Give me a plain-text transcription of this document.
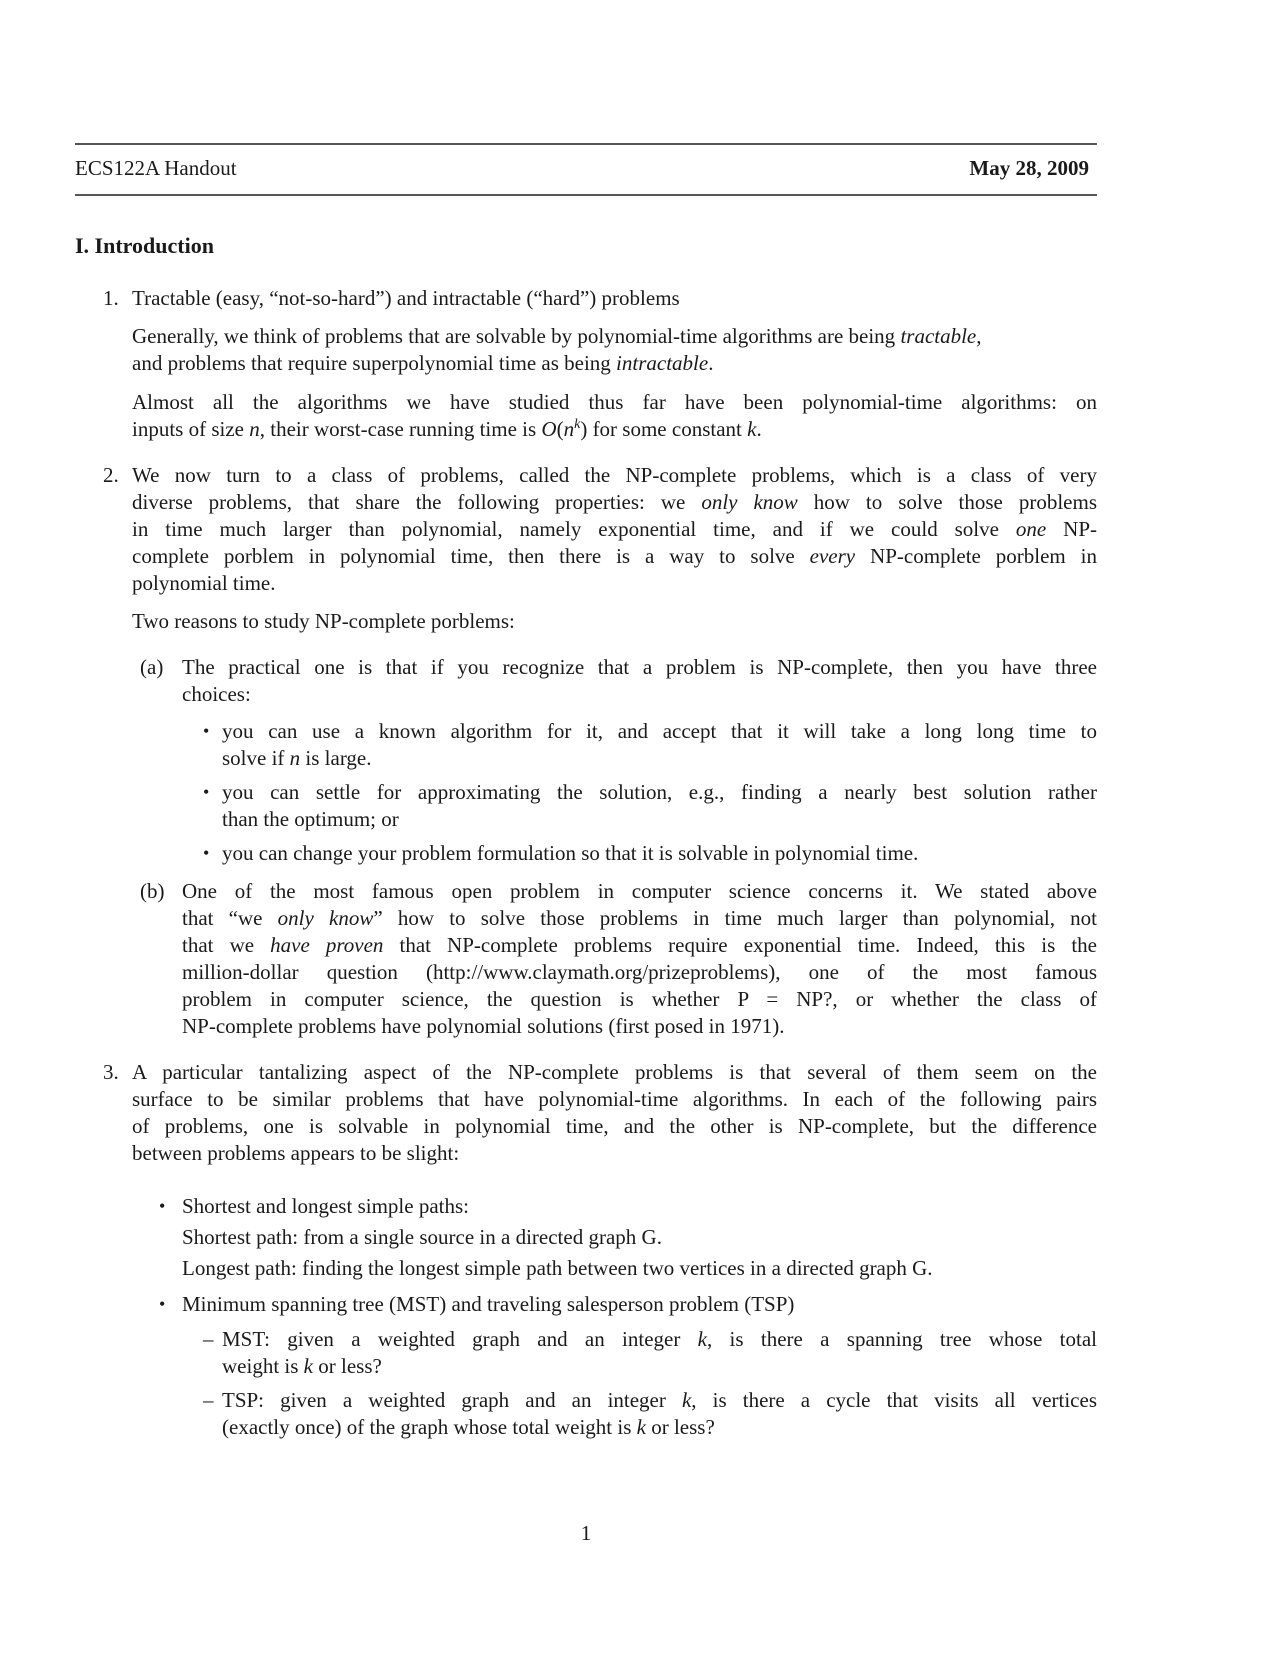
ECS122A Handout	May 28, 2009
I. Introduction
1. Tractable (easy, “not-so-hard”) and intractable (“hard”) problems
Generally, we think of problems that are solvable by polynomial-time algorithms are being tractable,
and problems that require superpolynomial time as being intractable.
Almost all the algorithms we have studied thus far have been polynomial-time algorithms: on
inputs of size n, their worst-case running time is $O(n^k)$ for some constant k.
2. We now turn to a class of problems, called the NP-complete problems, which is a class of very
diverse problems, that share the following properties: we only know how to solve those problems
in time much larger than polynomial, namely exponential time, and if we could solve one NP-
complete porblem in polynomial time, then there is a way to solve every NP-complete porblem in
polynomial time.
Two reasons to study NP-complete porblems:
(a) The practical one is that if you recognize that a problem is NP-complete, then you have three
choices:
• you can use a known algorithm for it, and accept that it will take a long long time to
solve if n is large.
• you can settle for approximating the solution, e.g., finding a nearly best solution rather
than the optimum; or
• you can change your problem formulation so that it is solvable in polynomial time.
(b) One of the most famous open problem in computer science concerns it. We stated above
that “we only know” how to solve those problems in time much larger than polynomial, not
that we have proven that NP-complete problems require exponential time. Indeed, this is the
million-dollar question (http://www.claymath.org/prizeproblems), one of the most famous
problem in computer science, the question is whether P = NP?, or whether the class of
NP-complete problems have polynomial solutions (first posed in 1971).
3. A particular tantalizing aspect of the NP-complete problems is that several of them seem on the
surface to be similar problems that have polynomial-time algorithms. In each of the following pairs
of problems, one is solvable in polynomial time, and the other is NP-complete, but the difference
between problems appears to be slight:
• Shortest and longest simple paths:
Shortest path: from a single source in a directed graph G.
Longest path: finding the longest simple path between two vertices in a directed graph G.
• Minimum spanning tree (MST) and traveling salesperson problem (TSP)
– MST: given a weighted graph and an integer k, is there a spanning tree whose total
weight is k or less?
– TSP: given a weighted graph and an integer k, is there a cycle that visits all vertices
(exactly once) of the graph whose total weight is k or less?
1
